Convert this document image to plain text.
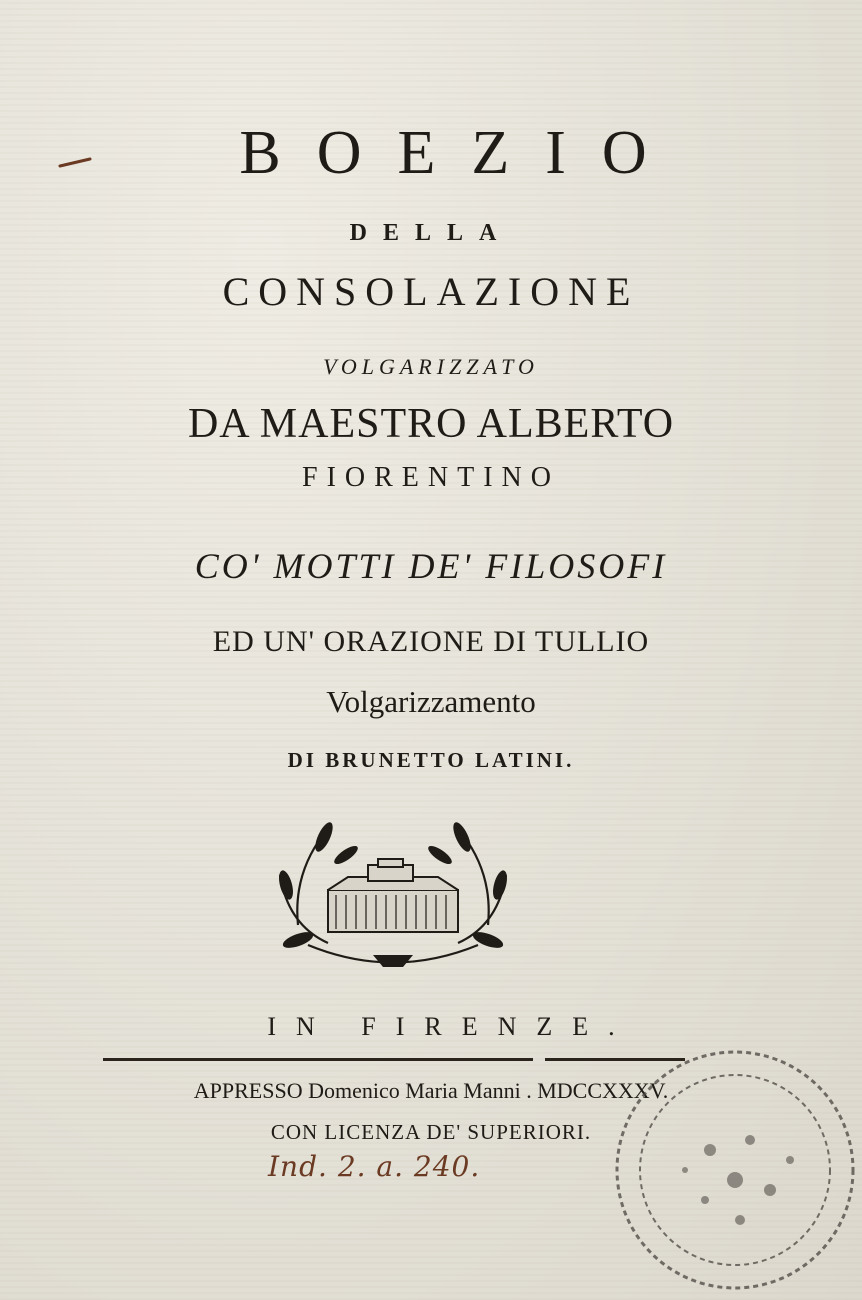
BOEZIO
DELLA
CONSOLAZIONE
VOLGARIZZATO
DA MAESTRO ALBERTO
FIORENTINO
CO' MOTTI DE' FILOSOFI
ED UN' ORAZIONE DI TULLIO
Volgarizzamento
DI BRUNETTO LATINI.
IN FIRENZE.
APPRESSO Domenico Maria Manni . MDCCXXXV.
CON LICENZA DE' SUPERIORI.
Ind. 2. a. 240.
